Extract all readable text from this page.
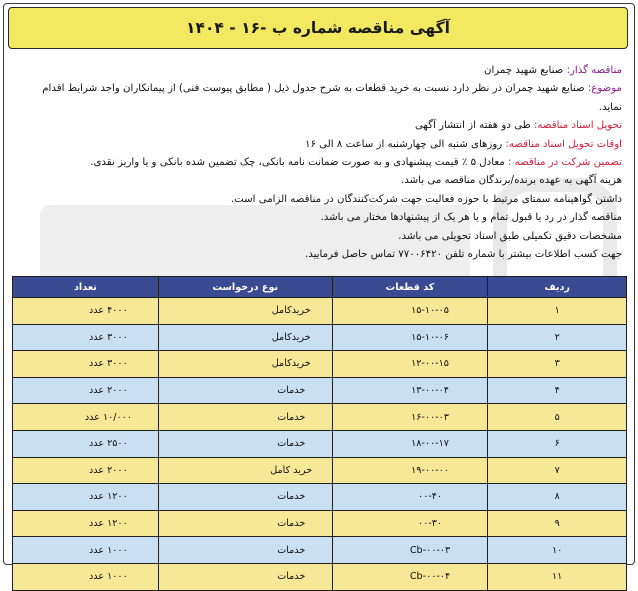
آگهی مناقصه شماره ب -۱۶ - ۱۴۰۴
مناقصه گذار: صنایع شهید چمران
موضوع: صنایع شهید چمران در نظر دارد نسبت به خرید قطعات به شرح جدول ذیل ( مطابق پیوست فنی) از پیمانکاران واجد شرایط اقدام نماید.
تحویل اسناد مناقصه: طی دو هفته از انتشار آگهی
اوقات تحویل اسناد مناقصه: روزهای شنبه الی چهارشنبه از ساعت ۸ الی ۱۶
تضمین شرکت در مناقصه : معادل ۵ ٪ قیمت پیشنهادی و به صورت ضمانت نامه بانکی، چک تضمین شده بانکی و یا واریز نقدی.
هزینه آگهی به عهده برنده/برندگان مناقصه می باشد.
داشتن گواهینامه سمتای مرتبط با حوزه فعالیت جهت شرکت‌کنندگان در مناقصه الزامی است.
مناقصه گذار در رد یا قبول تمام و یا هر یک از پیشنهادها مختار می باشد.
مشخصات دقیق تکمیلی طبق اسناد تحویلی می باشد.
جهت کسب اطلاعات بیشتر با شماره تلفن ۷۷۰۰۶۴۲۰ تماس حاصل فرمایید.
ردیف	کد قطعات	نوع درخواست	تعداد
۱	۱۵-۱۰-۰۵	خریدکامل	۴۰۰۰ عدد
۲	۱۵-۱۰-۰۶	خریدکامل	۳۰۰۰ عدد
۳	۱۲-۰۰-۱۵	خریدکامل	۳۰۰۰ عدد
۴	۱۳-۰۰-۰۴	خدمات	۲۰۰۰ عدد
۵	۱۶-۰۰-۰۳	خدمات	۱۰/۰۰۰ عدد
۶	۱۸-۰۰-۱۷	خدمات	۲۵۰۰ عدد
۷	۱۹-۰۰-۰۰	خرید کامل	۲۰۰۰ عدد
۸	۰۰-۴۰	خدمات	۱۲۰۰ عدد
۹	۰۰-۳۰	خدمات	۱۲۰۰ عدد
۱۰	Cb-۰۰-۰۳	خدمات	۱۰۰۰ عدد
۱۱	Cb-۰۰-۰۴	خدمات	۱۰۰۰ عدد
